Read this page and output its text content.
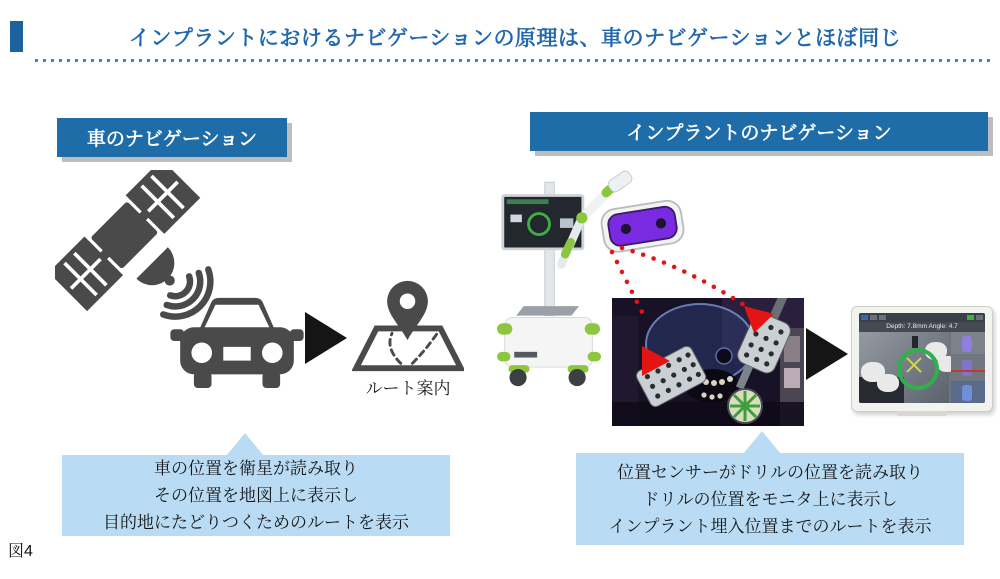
インプラントにおけるナビゲーションの原理は、車のナビゲーションとほぼ同じ
車のナビゲーション	インプラントのナビゲーション
ルート案内
Depth: 7.8mm Angle: 4.7
車の位置を衛星が読み取り
その位置を地図上に表示し
目的地にたどりつくためのルートを表示
位置センサーがドリルの位置を読み取り
ドリルの位置をモニタ上に表示し
インプラント埋入位置までのルートを表示
図4
